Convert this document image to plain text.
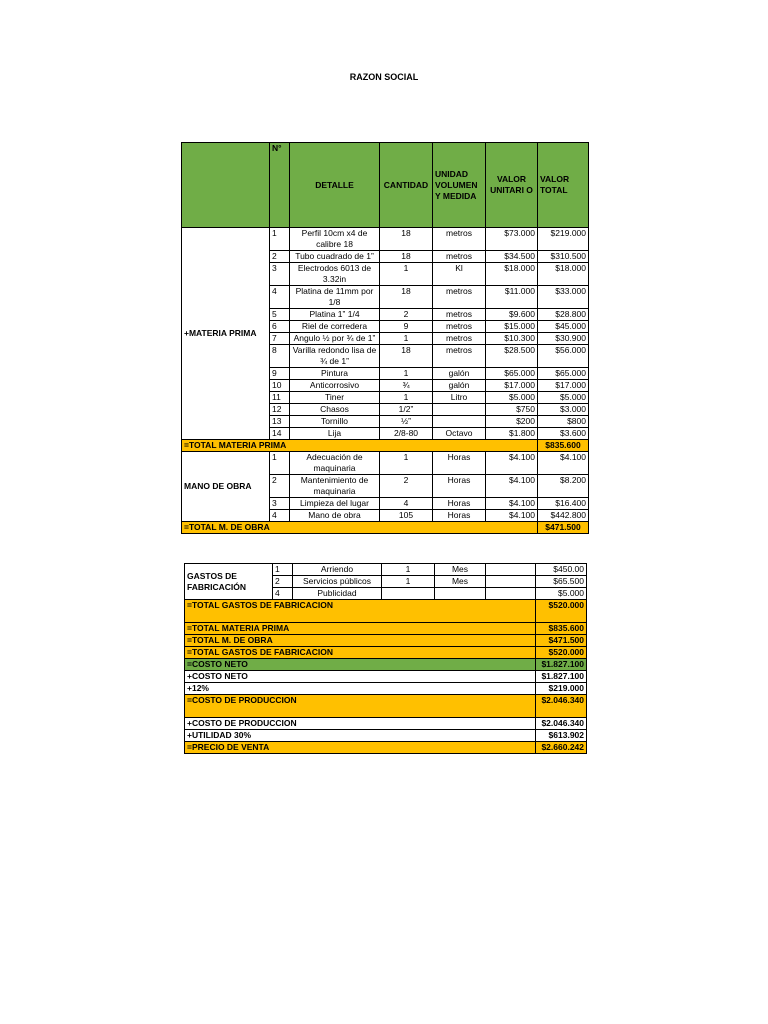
RAZON SOCIAL
	N°	DETALLE	CANTIDAD	UNIDAD VOLUMEN Y MEDIDA	VALOR UNITARI O	VALOR TOTAL
+MATERIA PRIMA	1	Perfil 10cm x4 de calibre 18	18	metros	$73.000	$219.000
	2	Tubo cuadrado de 1”	18	metros	$34.500	$310.500
	3	Electrodos 6013 de 3.32in	1	Kl	$18.000	$18.000
	4	Platina de 11mm por 1/8	18	metros	$11.000	$33.000
	5	Platina 1” 1/4	2	metros	$9.600	$28.800
	6	Riel de corredera	9	metros	$15.000	$45.000
	7	Angulo ½ por ¾ de 1”	1	metros	$10.300	$30.900
	8	Varilla redondo lisa de ¾ de 1”	18	metros	$28.500	$56.000
	9	Pintura	1	galón	$65.000	$65.000
	10	Anticorrosivo	¾	galón	$17.000	$17.000
	11	Tiner	1	Litro	$5.000	$5.000
	12	Chasos	1/2”		$750	$3.000
	13	Tornillo	½”		$200	$800
	14	Lija	2/8-80	Octavo	$1.800	$3.600
=TOTAL MATERIA PRIMA						$835.600
MANO DE OBRA	1	Adecuación de maquinaria	1	Horas	$4.100	$4.100
	2	Mantenimiento de maquinaria	2	Horas	$4.100	$8.200
	3	Limpieza del lugar	4	Horas	$4.100	$16.400
	4	Mano de obra	105	Horas	$4.100	$442.800
=TOTAL M. DE OBRA						$471.500
GASTOS DE FABRICACIÓN	1	Arriendo	1	Mes		$450.00
	2	Servicios públicos	1	Mes		$65.500
	4	Publicidad				$5.000
=TOTAL GASTOS DE FABRICACION						$520.000
=TOTAL MATERIA PRIMA						$835.600
=TOTAL M. DE OBRA						$471.500
=TOTAL GASTOS DE FABRICACION						$520.000
=COSTO NETO						$1.827.100
+COSTO NETO						$1.827.100
+12%						$219.000
=COSTO DE PRODUCCION						$2.046.340
+COSTO DE PRODUCCION						$2.046.340
+UTILIDAD 30%						$613.902
=PRECIO DE VENTA						$2.660.242
